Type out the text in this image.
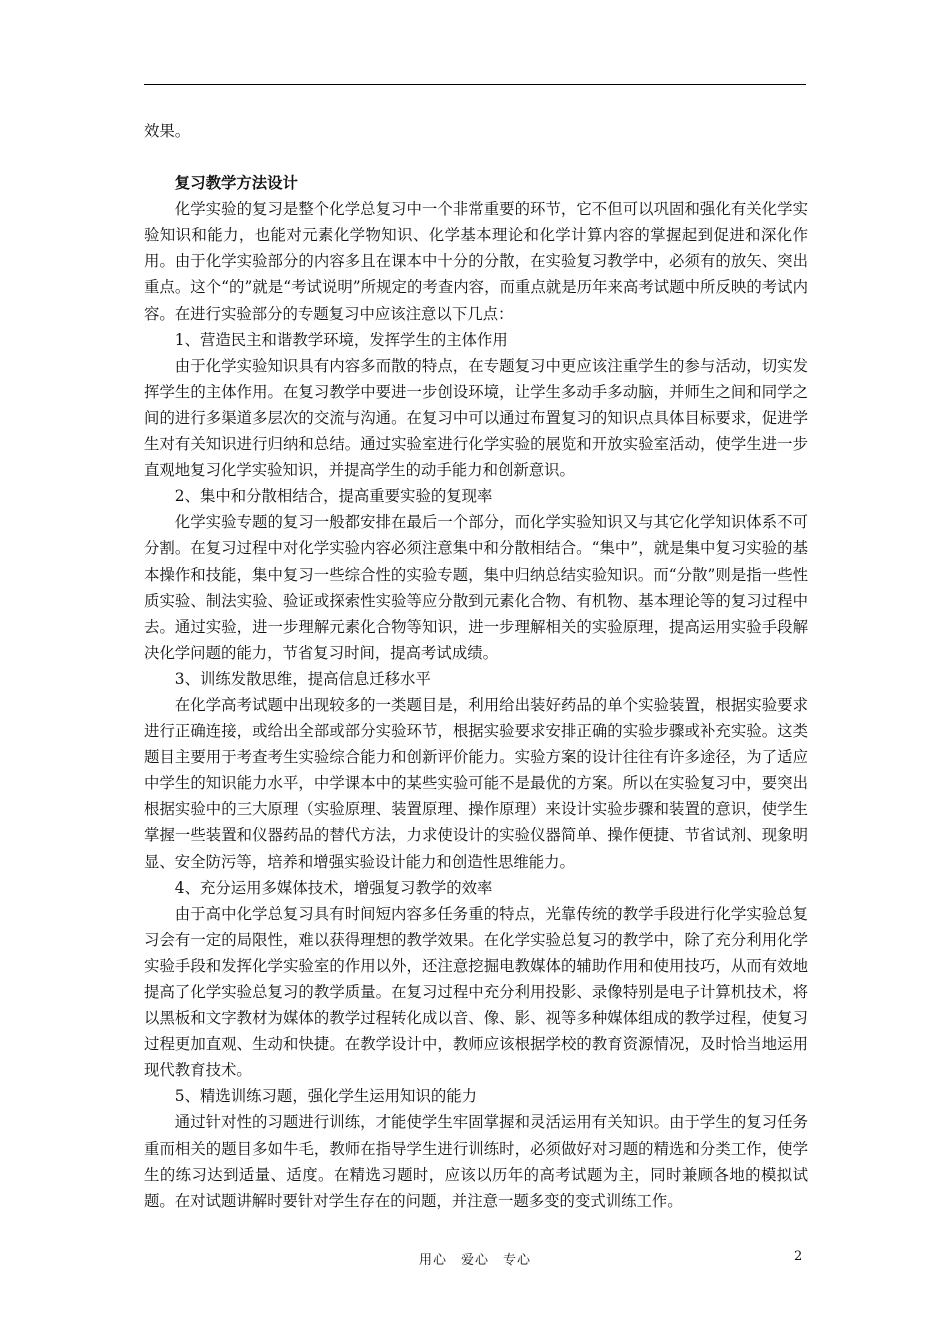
效果。

复习教学方法设计

化学实验的复习是整个化学总复习中一个非常重要的环节，它不但可以巩固和强化有关化学实验知识和能力，也能对元素化学物知识、化学基本理论和化学计算内容的掌握起到促进和深化作用。由于化学实验部分的内容多且在课本中十分的分散，在实验复习教学中，必须有的放矢、突出重点。这个“的”就是“考试说明”所规定的考查内容，而重点就是历年来高考试题中所反映的考试内容。在进行实验部分的专题复习中应该注意以下几点：

1、营造民主和谐教学环境，发挥学生的主体作用

由于化学实验知识具有内容多而散的特点，在专题复习中更应该注重学生的参与活动，切实发挥学生的主体作用。在复习教学中要进一步创设环境，让学生多动手多动脑，并师生之间和同学之间的进行多渠道多层次的交流与沟通。在复习中可以通过布置复习的知识点具体目标要求，促进学生对有关知识进行归纳和总结。通过实验室进行化学实验的展览和开放实验室活动，使学生进一步直观地复习化学实验知识，并提高学生的动手能力和创新意识。

2、集中和分散相结合，提高重要实验的复现率

化学实验专题的复习一般都安排在最后一个部分，而化学实验知识又与其它化学知识体系不可分割。在复习过程中对化学实验内容必须注意集中和分散相结合。“集中”，就是集中复习实验的基本操作和技能，集中复习一些综合性的实验专题，集中归纳总结实验知识。而“分散”则是指一些性质实验、制法实验、验证或探索性实验等应分散到元素化合物、有机物、基本理论等的复习过程中去。通过实验，进一步理解元素化合物等知识，进一步理解相关的实验原理，提高运用实验手段解决化学问题的能力，节省复习时间，提高考试成绩。

3、训练发散思维，提高信息迁移水平

在化学高考试题中出现较多的一类题目是，利用给出装好药品的单个实验装置，根据实验要求进行正确连接，或给出全部或部分实验环节，根据实验要求安排正确的实验步骤或补充实验。这类题目主要用于考查考生实验综合能力和创新评价能力。实验方案的设计往往有许多途径，为了适应中学生的知识能力水平，中学课本中的某些实验可能不是最优的方案。所以在实验复习中，要突出根据实验中的三大原理（实验原理、装置原理、操作原理）来设计实验步骤和装置的意识，使学生掌握一些装置和仪器药品的替代方法，力求使设计的实验仪器简单、操作便捷、节省试剂、现象明显、安全防污等，培养和增强实验设计能力和创造性思维能力。

4、充分运用多媒体技术，增强复习教学的效率

由于高中化学总复习具有时间短内容多任务重的特点，光靠传统的教学手段进行化学实验总复习会有一定的局限性，难以获得理想的教学效果。在化学实验总复习的教学中，除了充分利用化学实验手段和发挥化学实验室的作用以外，还注意挖掘电教媒体的辅助作用和使用技巧，从而有效地提高了化学实验总复习的教学质量。在复习过程中充分利用投影、录像特别是电子计算机技术，将以黑板和文字教材为媒体的教学过程转化成以音、像、影、视等多种媒体组成的教学过程，使复习过程更加直观、生动和快捷。在教学设计中，教师应该根据学校的教育资源情况，及时恰当地运用现代教育技术。

5、精选训练习题，强化学生运用知识的能力

通过针对性的习题进行训练，才能使学生牢固掌握和灵活运用有关知识。由于学生的复习任务重而相关的题目多如牛毛，教师在指导学生进行训练时，必须做好对习题的精选和分类工作，使学生的练习达到适量、适度。在精选习题时，应该以历年的高考试题为主，同时兼顾各地的模拟试题。在对试题讲解时要针对学生存在的问题，并注意一题多变的变式训练工作。

用心　爱心　专心	2
